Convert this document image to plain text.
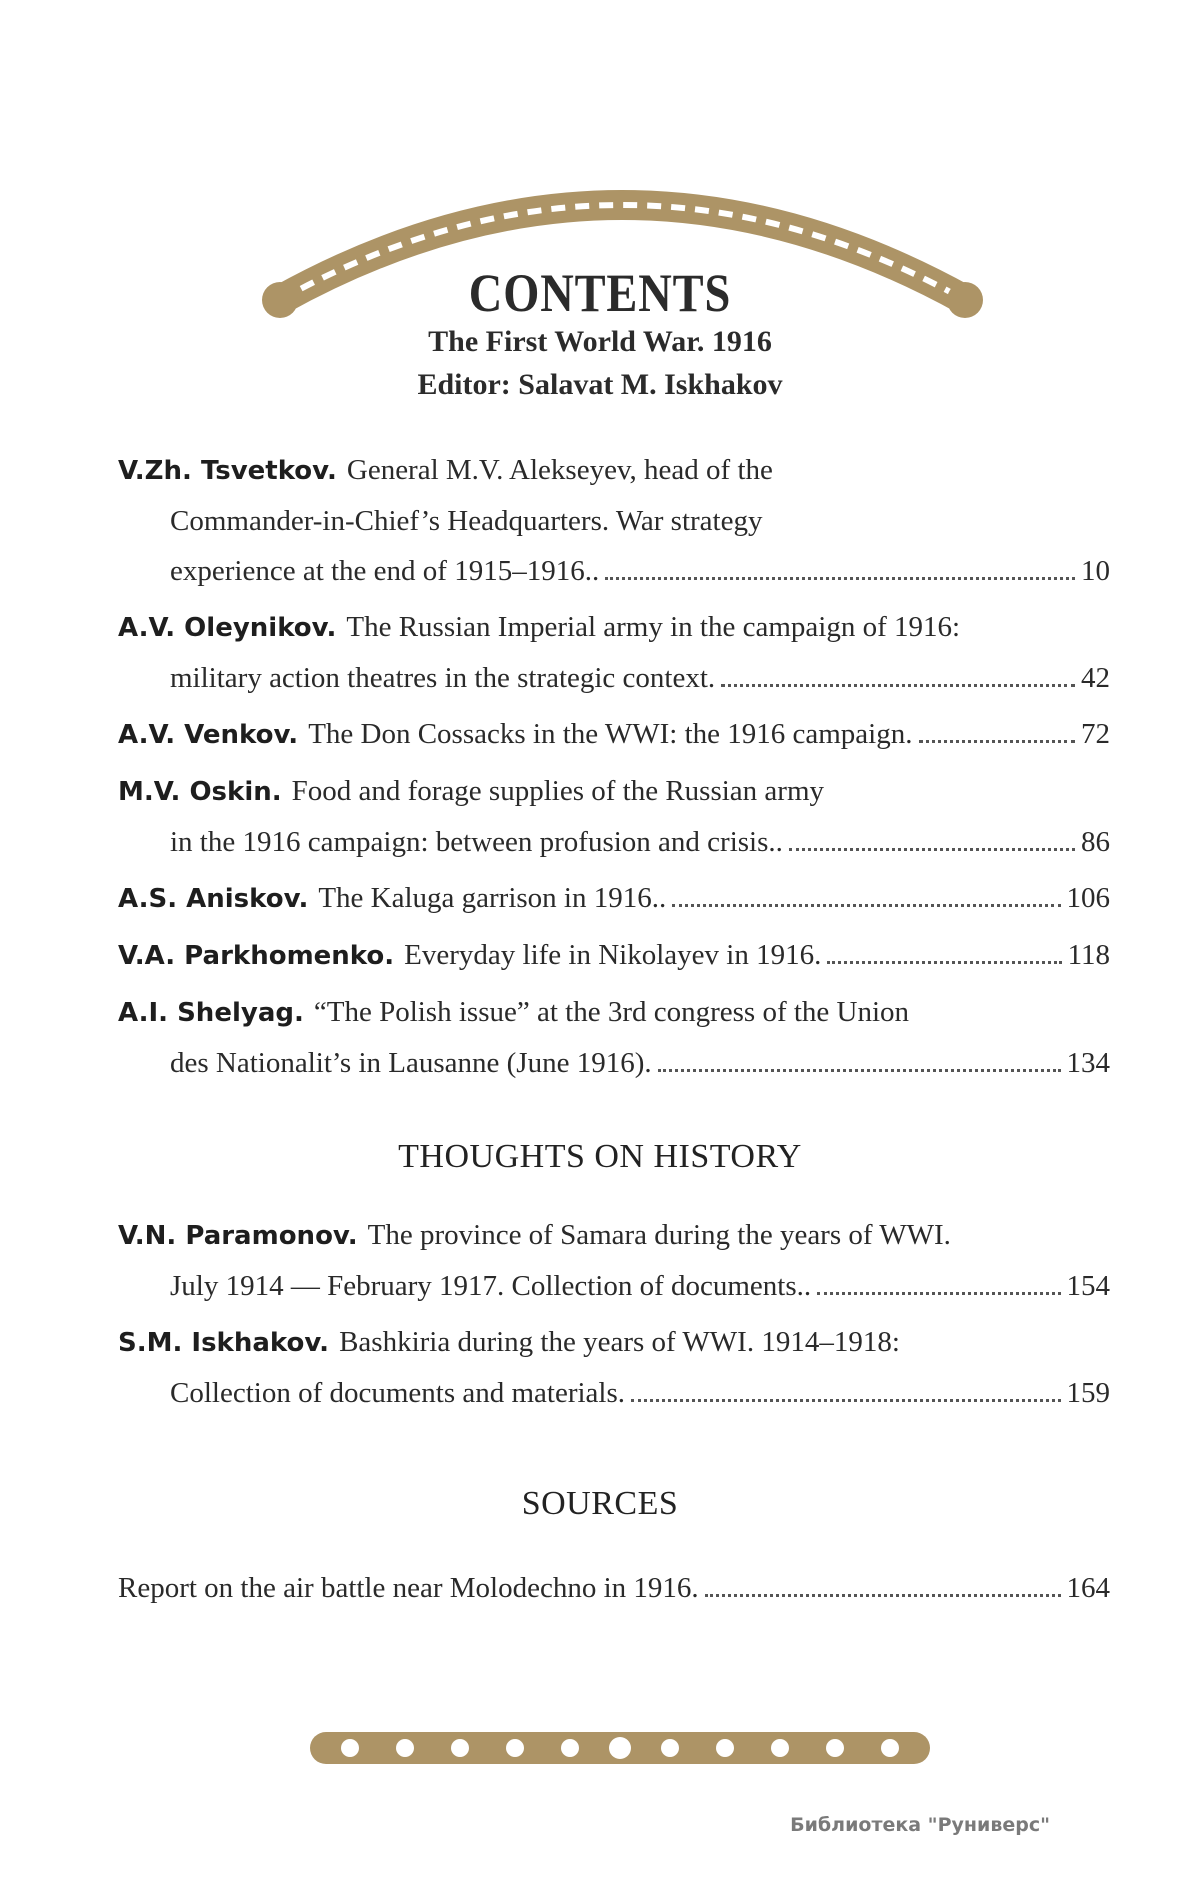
CONTENTS
The First World War. 1916
Editor: Salavat M. Iskhakov
V.Zh. Tsvetkov. General M.V. Alekseyev, head of the
Commander-in-Chief’s Headquarters. War strategy
experience at the end of 1915–1916..	10
A.V. Oleynikov. The Russian Imperial army in the campaign of 1916:
military action theatres in the strategic context.	42
A.V. Venkov. The Don Cossacks in the WWI: the 1916 campaign.	72
M.V. Oskin. Food and forage supplies of the Russian army
in the 1916 campaign: between profusion and crisis..	86
A.S. Aniskov. The Kaluga garrison in 1916..	106
V.A. Parkhomenko. Everyday life in Nikolayev in 1916.	118
A.I. Shelyag. “The Polish issue” at the 3rd congress of the Union
des Nationalit’s in Lausanne (June 1916).	134
THOUGHTS ON HISTORY
V.N. Paramonov. The province of Samara during the years of WWI.
July 1914 — February 1917. Collection of documents..	154
S.M. Iskhakov. Bashkiria during the years of WWI. 1914–1918:
Collection of documents and materials.	159
SOURCES
Report on the air battle near Molodechno in 1916.	164
Библиотека "Руниверс"
